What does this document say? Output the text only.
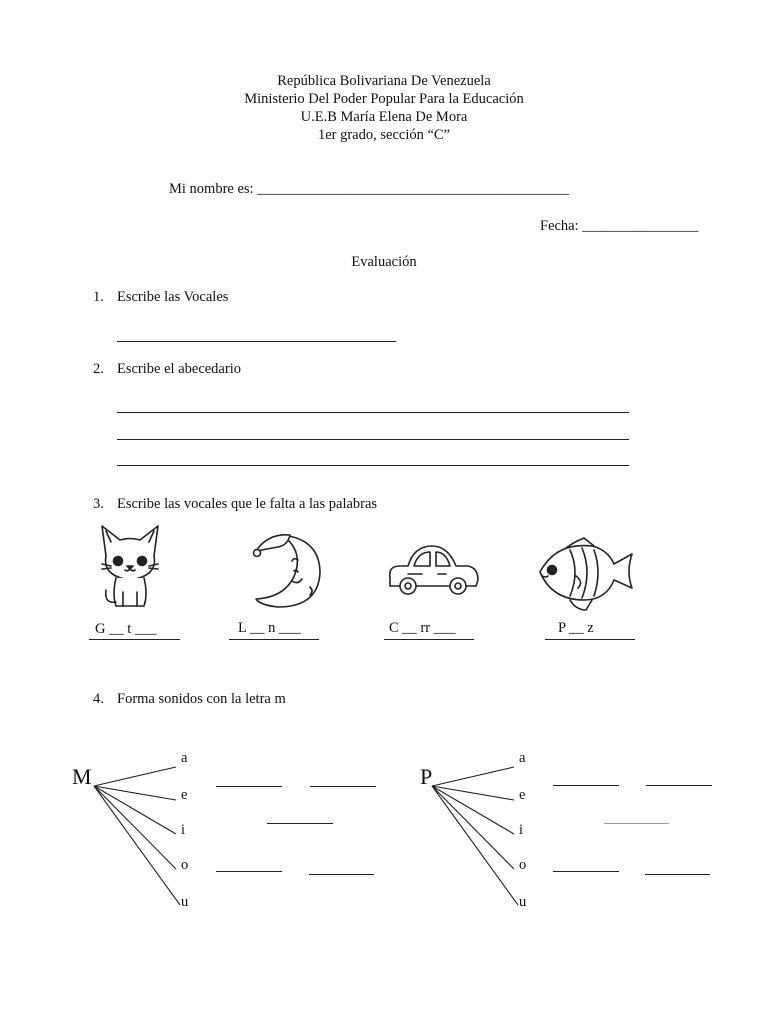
República Bolivariana De Venezuela
Ministerio Del Poder Popular Para la Educación
U.E.B María Elena De Mora
1er grado, sección “C”
Mi nombre es: ___________________________________________
Fecha: ________________
Evaluación
1. Escribe las Vocales
2. Escribe el abecedario
3. Escribe las vocales que le falta a las palabras
G __ t ___	L __ n ___	C __ rr ___	P __ z
4. Forma sonidos con la letra m
M
a
e
i
o
u
P
a
e
i
o
u
